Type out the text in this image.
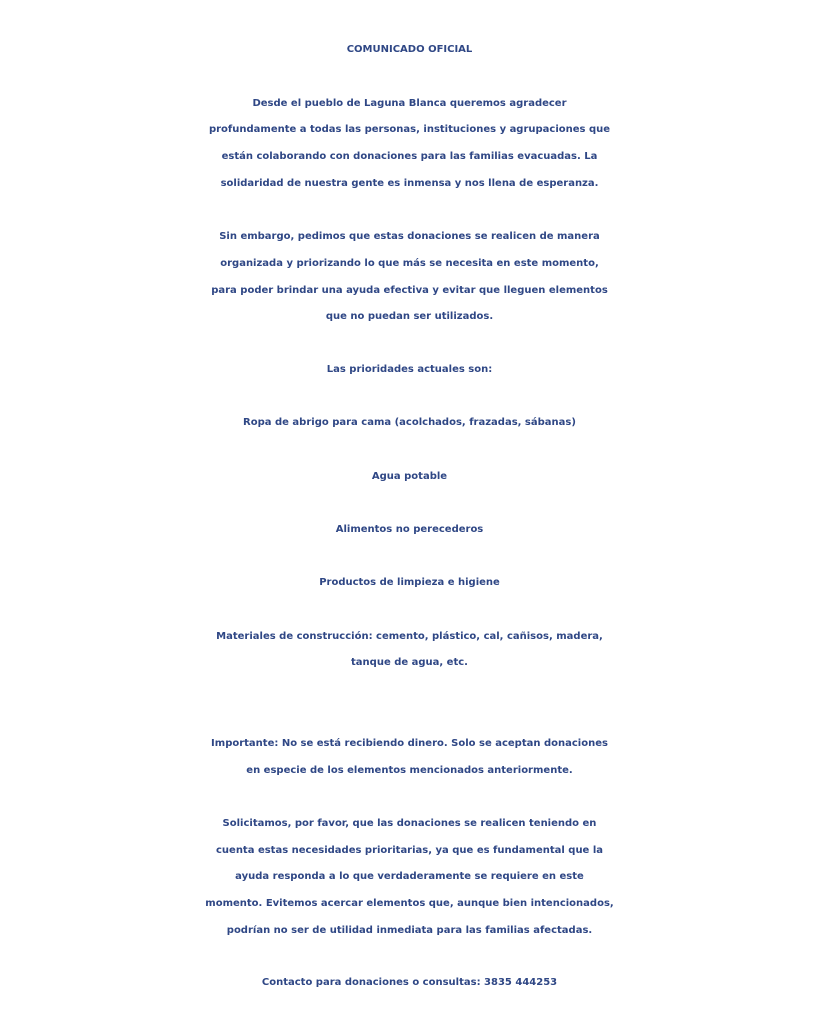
COMUNICADO OFICIAL
Desde el pueblo de Laguna Blanca queremos agradecer
profundamente a todas las personas, instituciones y agrupaciones que
están colaborando con donaciones para las familias evacuadas. La
solidaridad de nuestra gente es inmensa y nos llena de esperanza.
Sin embargo, pedimos que estas donaciones se realicen de manera
organizada y priorizando lo que más se necesita en este momento,
para poder brindar una ayuda efectiva y evitar que lleguen elementos
que no puedan ser utilizados.
Las prioridades actuales son:
Ropa de abrigo para cama (acolchados, frazadas, sábanas)
Agua potable
Alimentos no perecederos
Productos de limpieza e higiene
Materiales de construcción: cemento, plástico, cal, cañisos, madera,
tanque de agua, etc.
Importante: No se está recibiendo dinero. Solo se aceptan donaciones
en especie de los elementos mencionados anteriormente.
Solicitamos, por favor, que las donaciones se realicen teniendo en
cuenta estas necesidades prioritarias, ya que es fundamental que la
ayuda responda a lo que verdaderamente se requiere en este
momento. Evitemos acercar elementos que, aunque bien intencionados,
podrían no ser de utilidad inmediata para las familias afectadas.
Contacto para donaciones o consultas: 3835 444253
